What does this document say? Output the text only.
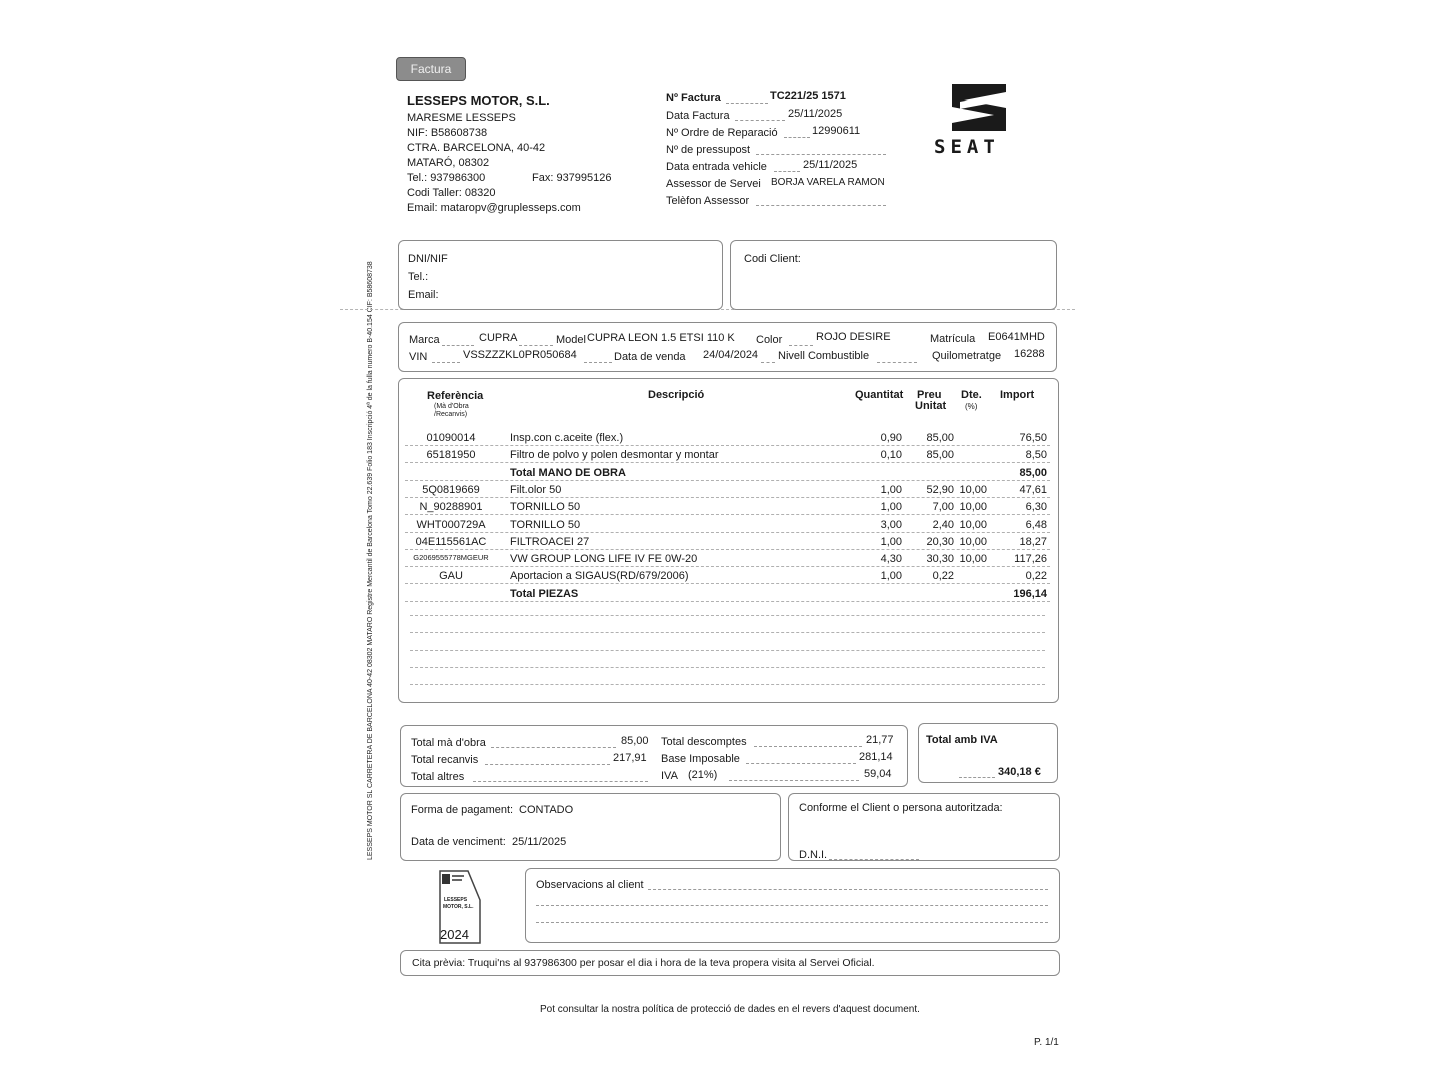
Factura
LESSEPS MOTOR, S.L.
MARESME LESSEPS
NIF: B58608738
CTRA. BARCELONA, 40-42
MATARÓ, 08302
Tel.: 937986300	Fax: 937995126
Codi Taller: 08320
Email: mataropv@gruplesseps.com
Nº Factura	TC221/25 1571
Data Factura	25/11/2025
Nº Ordre de Reparació	12990611
Nº de pressupost
Data entrada vehicle	25/11/2025
Assessor de Servei BORJA VARELA RAMON
Telèfon Assessor
SEAT
LESSEPS MOTOR SL CARRETERA DE BARCELONA 40-42 08302 MATARO Registre Mercantil de Barcelona Tomo 22.639 Folio 183 Inscripció 4ª de la fulla numero B-40.154 CIF: B58608738
DNI/NIF
Tel.:
Email:
Codi Client:
Marca	CUPRA	Model CUPRA LEON 1.5 ETSI 110 K Color	ROJO DESIRE	Matrícula E0641MHD
VIN	VSSZZZKL0PR050684	Data de venda 24/04/2024 Nivell Combustible	Quilometratge 16288
Referència
(Mà d'Obra
/Recanvis)
Descripció	Quantitat Preu
Unitat
Dte.
(%)
Import
01090014	Insp.con c.aceite (flex.)	0,90	85,00	76,50
65181950	Filtro de polvo y polen desmontar y montar	0,10	85,00	8,50
Total MANO DE OBRA	85,00
5Q0819669	Filt.olor 50	1,00	52,90 10,00	47,61
N_90288901	TORNILLO 50	1,00	7,00 10,00	6,30
WHT000729A	TORNILLO 50	3,00	2,40 10,00	6,48
04E115561AC	FILTROACEI 27	1,00	20,30 10,00	18,27
G2069555778MGEUR	VW GROUP LONG LIFE IV FE 0W-20	4,30	30,30 10,00	117,26
GAU	Aportacion a SIGAUS(RD/679/2006)	1,00	0,22	0,22
Total PIEZAS	196,14
Total mà d'obra	85,00
Total recanvis	217,91
Total altres
Total descomptes	21,77
Base Imposable	281,14
IVA (21%)	59,04
Total amb IVA
340,18 €
Forma de pagament: CONTADO
Data de venciment: 25/11/2025
Conforme el Client o persona autoritzada:
D.N.I.
LESSEPS
MOTOR, S.L.
2024
Observacions al client
Cita prèvia: Truqui'ns al 937986300 per posar el dia i hora de la teva propera visita al Servei Oficial.
Pot consultar la nostra política de protecció de dades en el revers d'aquest document.
P. 1/1
